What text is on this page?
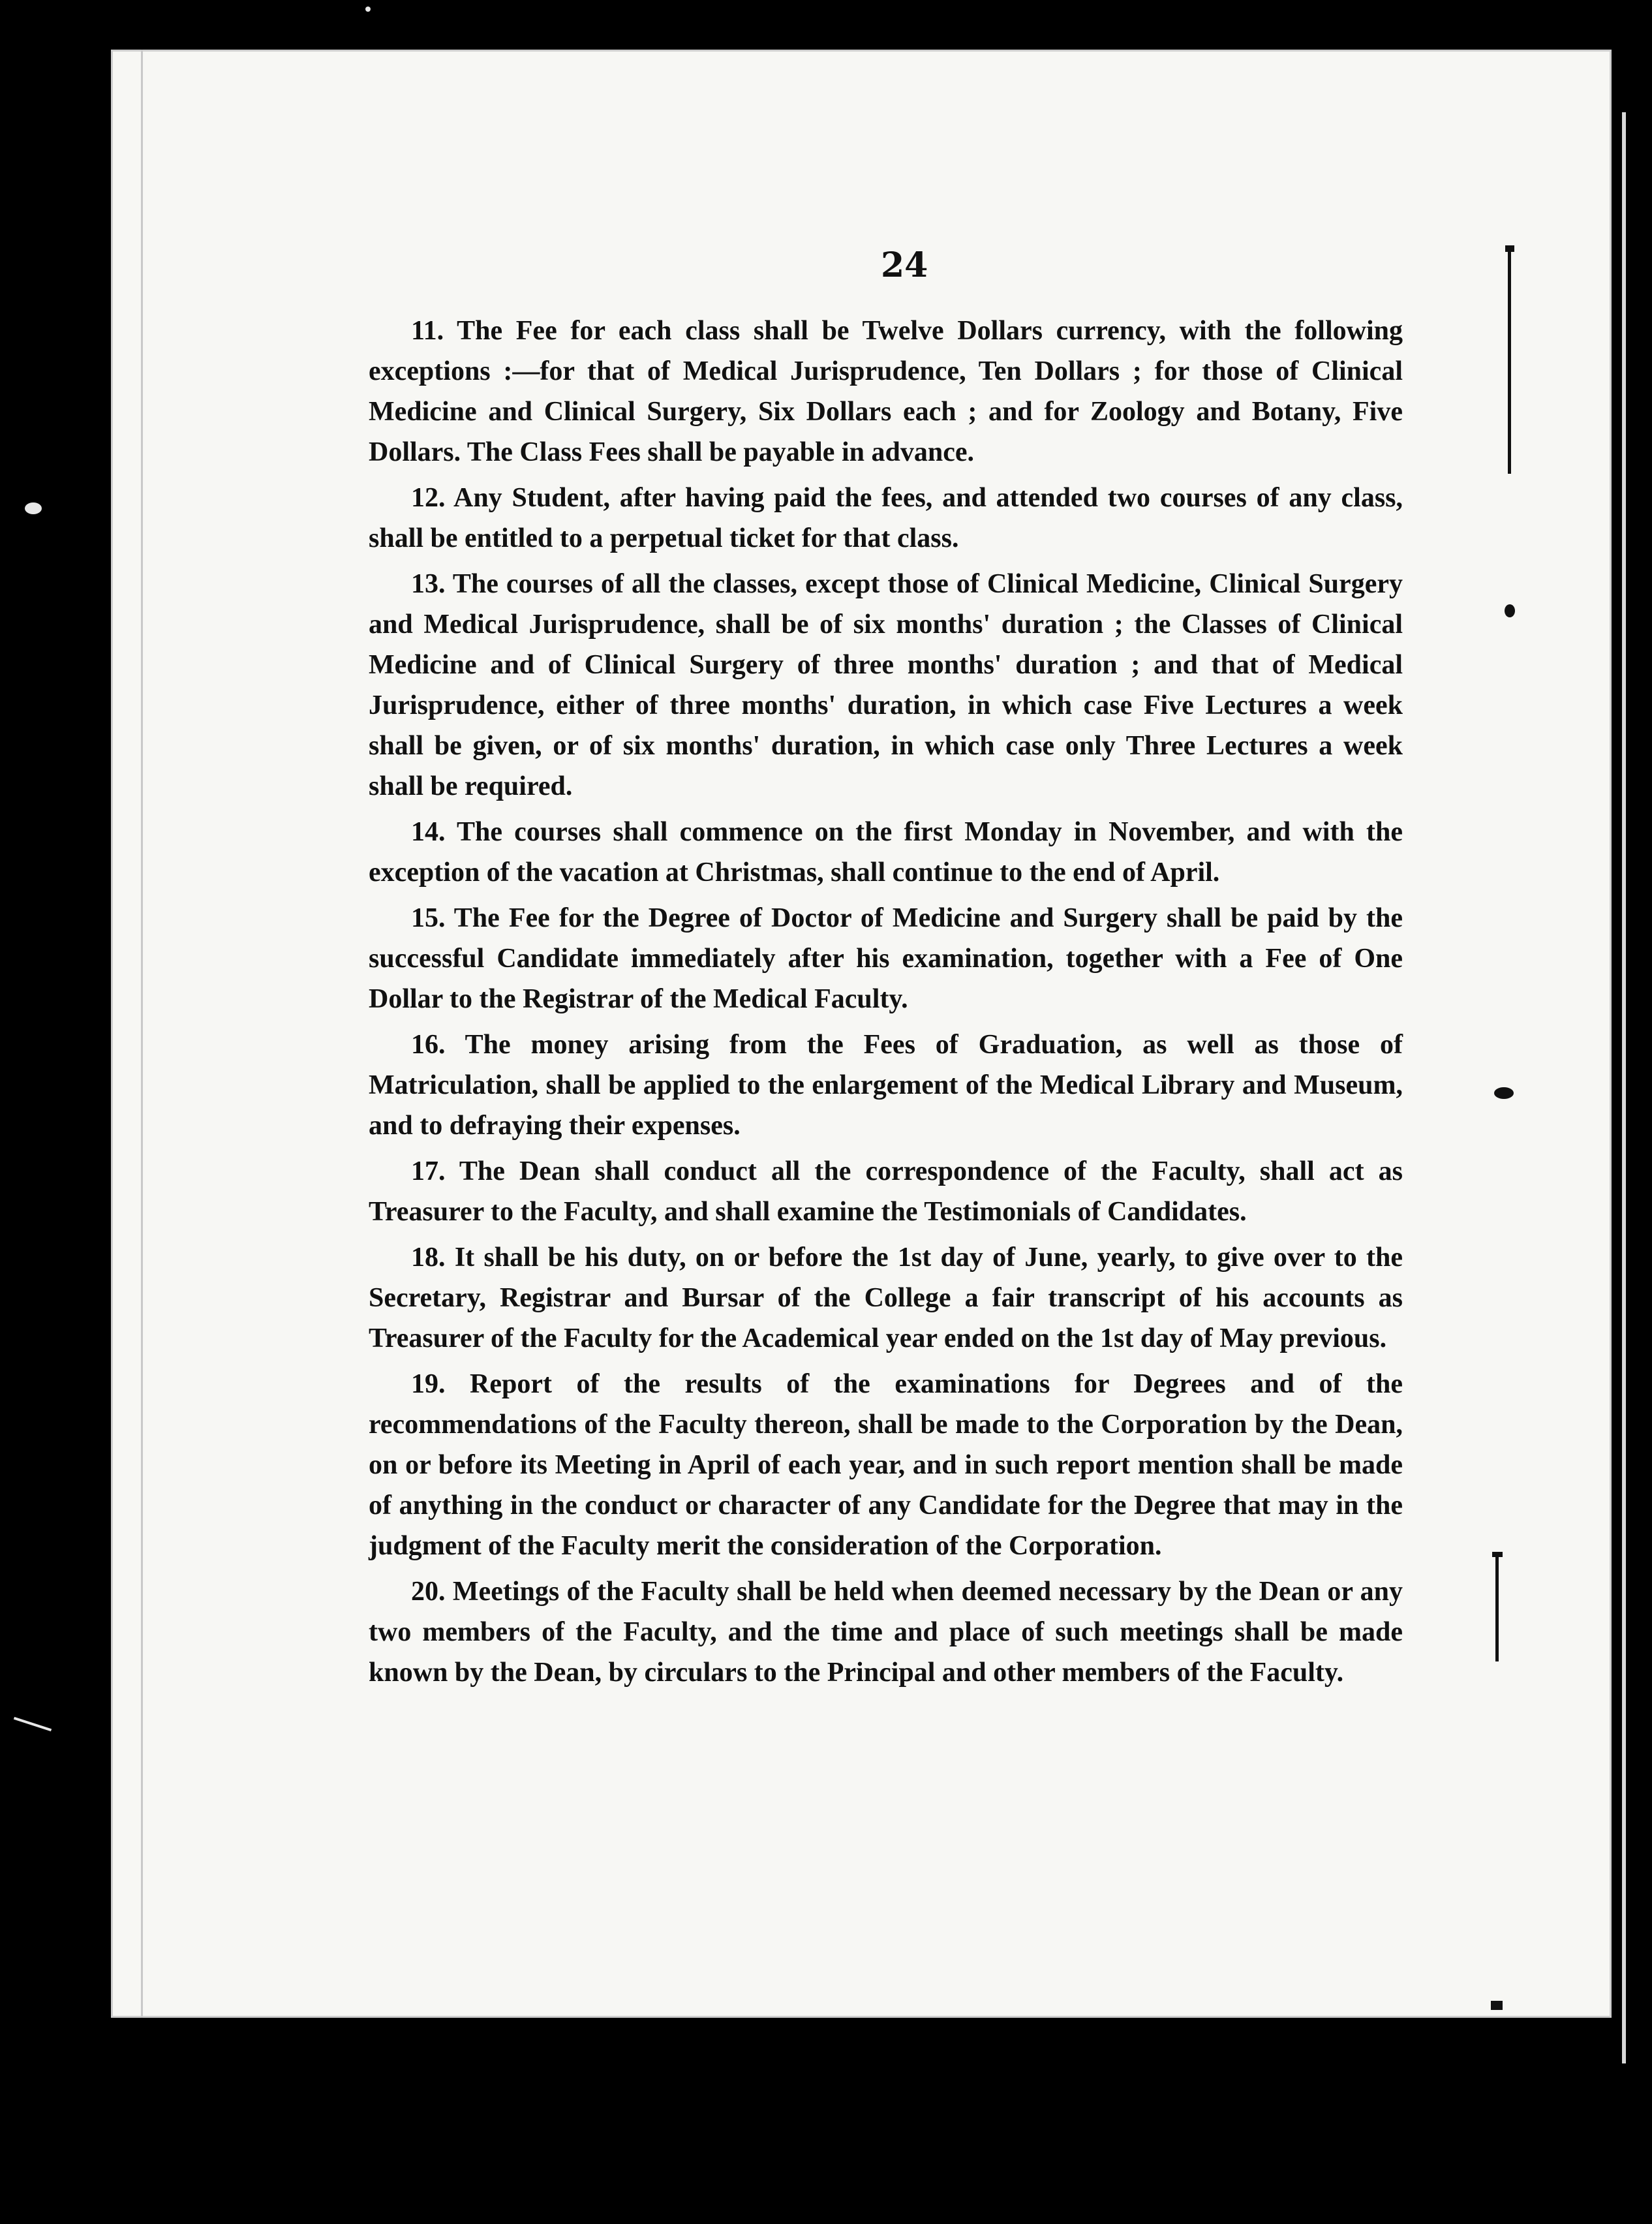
24

11. The Fee for each class shall be Twelve Dollars currency, with the following exceptions :—for that of Medical Jurisprudence, Ten Dollars ; for those of Clinical Medicine and Clinical Surgery, Six Dollars each ; and for Zoology and Botany, Five Dollars. The Class Fees shall be payable in advance.

12. Any Student, after having paid the fees, and attended two courses of any class, shall be entitled to a perpetual ticket for that class.

13. The courses of all the classes, except those of Clinical Medicine, Clinical Surgery and Medical Jurisprudence, shall be of six months' duration ; the Classes of Clinical Medicine and of Clinical Surgery of three months' duration ; and that of Medical Jurisprudence, either of three months' duration, in which case Five Lectures a week shall be given, or of six months' duration, in which case only Three Lectures a week shall be required.

14. The courses shall commence on the first Monday in November, and with the exception of the vacation at Christmas, shall continue to the end of April.

15. The Fee for the Degree of Doctor of Medicine and Surgery shall be paid by the successful Candidate immediately after his examination, together with a Fee of One Dollar to the Registrar of the Medical Faculty.

16. The money arising from the Fees of Graduation, as well as those of Matriculation, shall be applied to the enlargement of the Medical Library and Museum, and to defraying their expenses.

17. The Dean shall conduct all the correspondence of the Faculty, shall act as Treasurer to the Faculty, and shall examine the Testimonials of Candidates.

18. It shall be his duty, on or before the 1st day of June, yearly, to give over to the Secretary, Registrar and Bursar of the College a fair transcript of his accounts as Treasurer of the Faculty for the Academical year ended on the 1st day of May previous.

19. Report of the results of the examinations for Degrees and of the recommendations of the Faculty thereon, shall be made to the Corporation by the Dean, on or before its Meeting in April of each year, and in such report mention shall be made of anything in the conduct or character of any Candidate for the Degree that may in the judgment of the Faculty merit the consideration of the Corporation.

20. Meetings of the Faculty shall be held when deemed necessary by the Dean or any two members of the Faculty, and the time and place of such meetings shall be made known by the Dean, by circulars to the Principal and other members of the Faculty.
